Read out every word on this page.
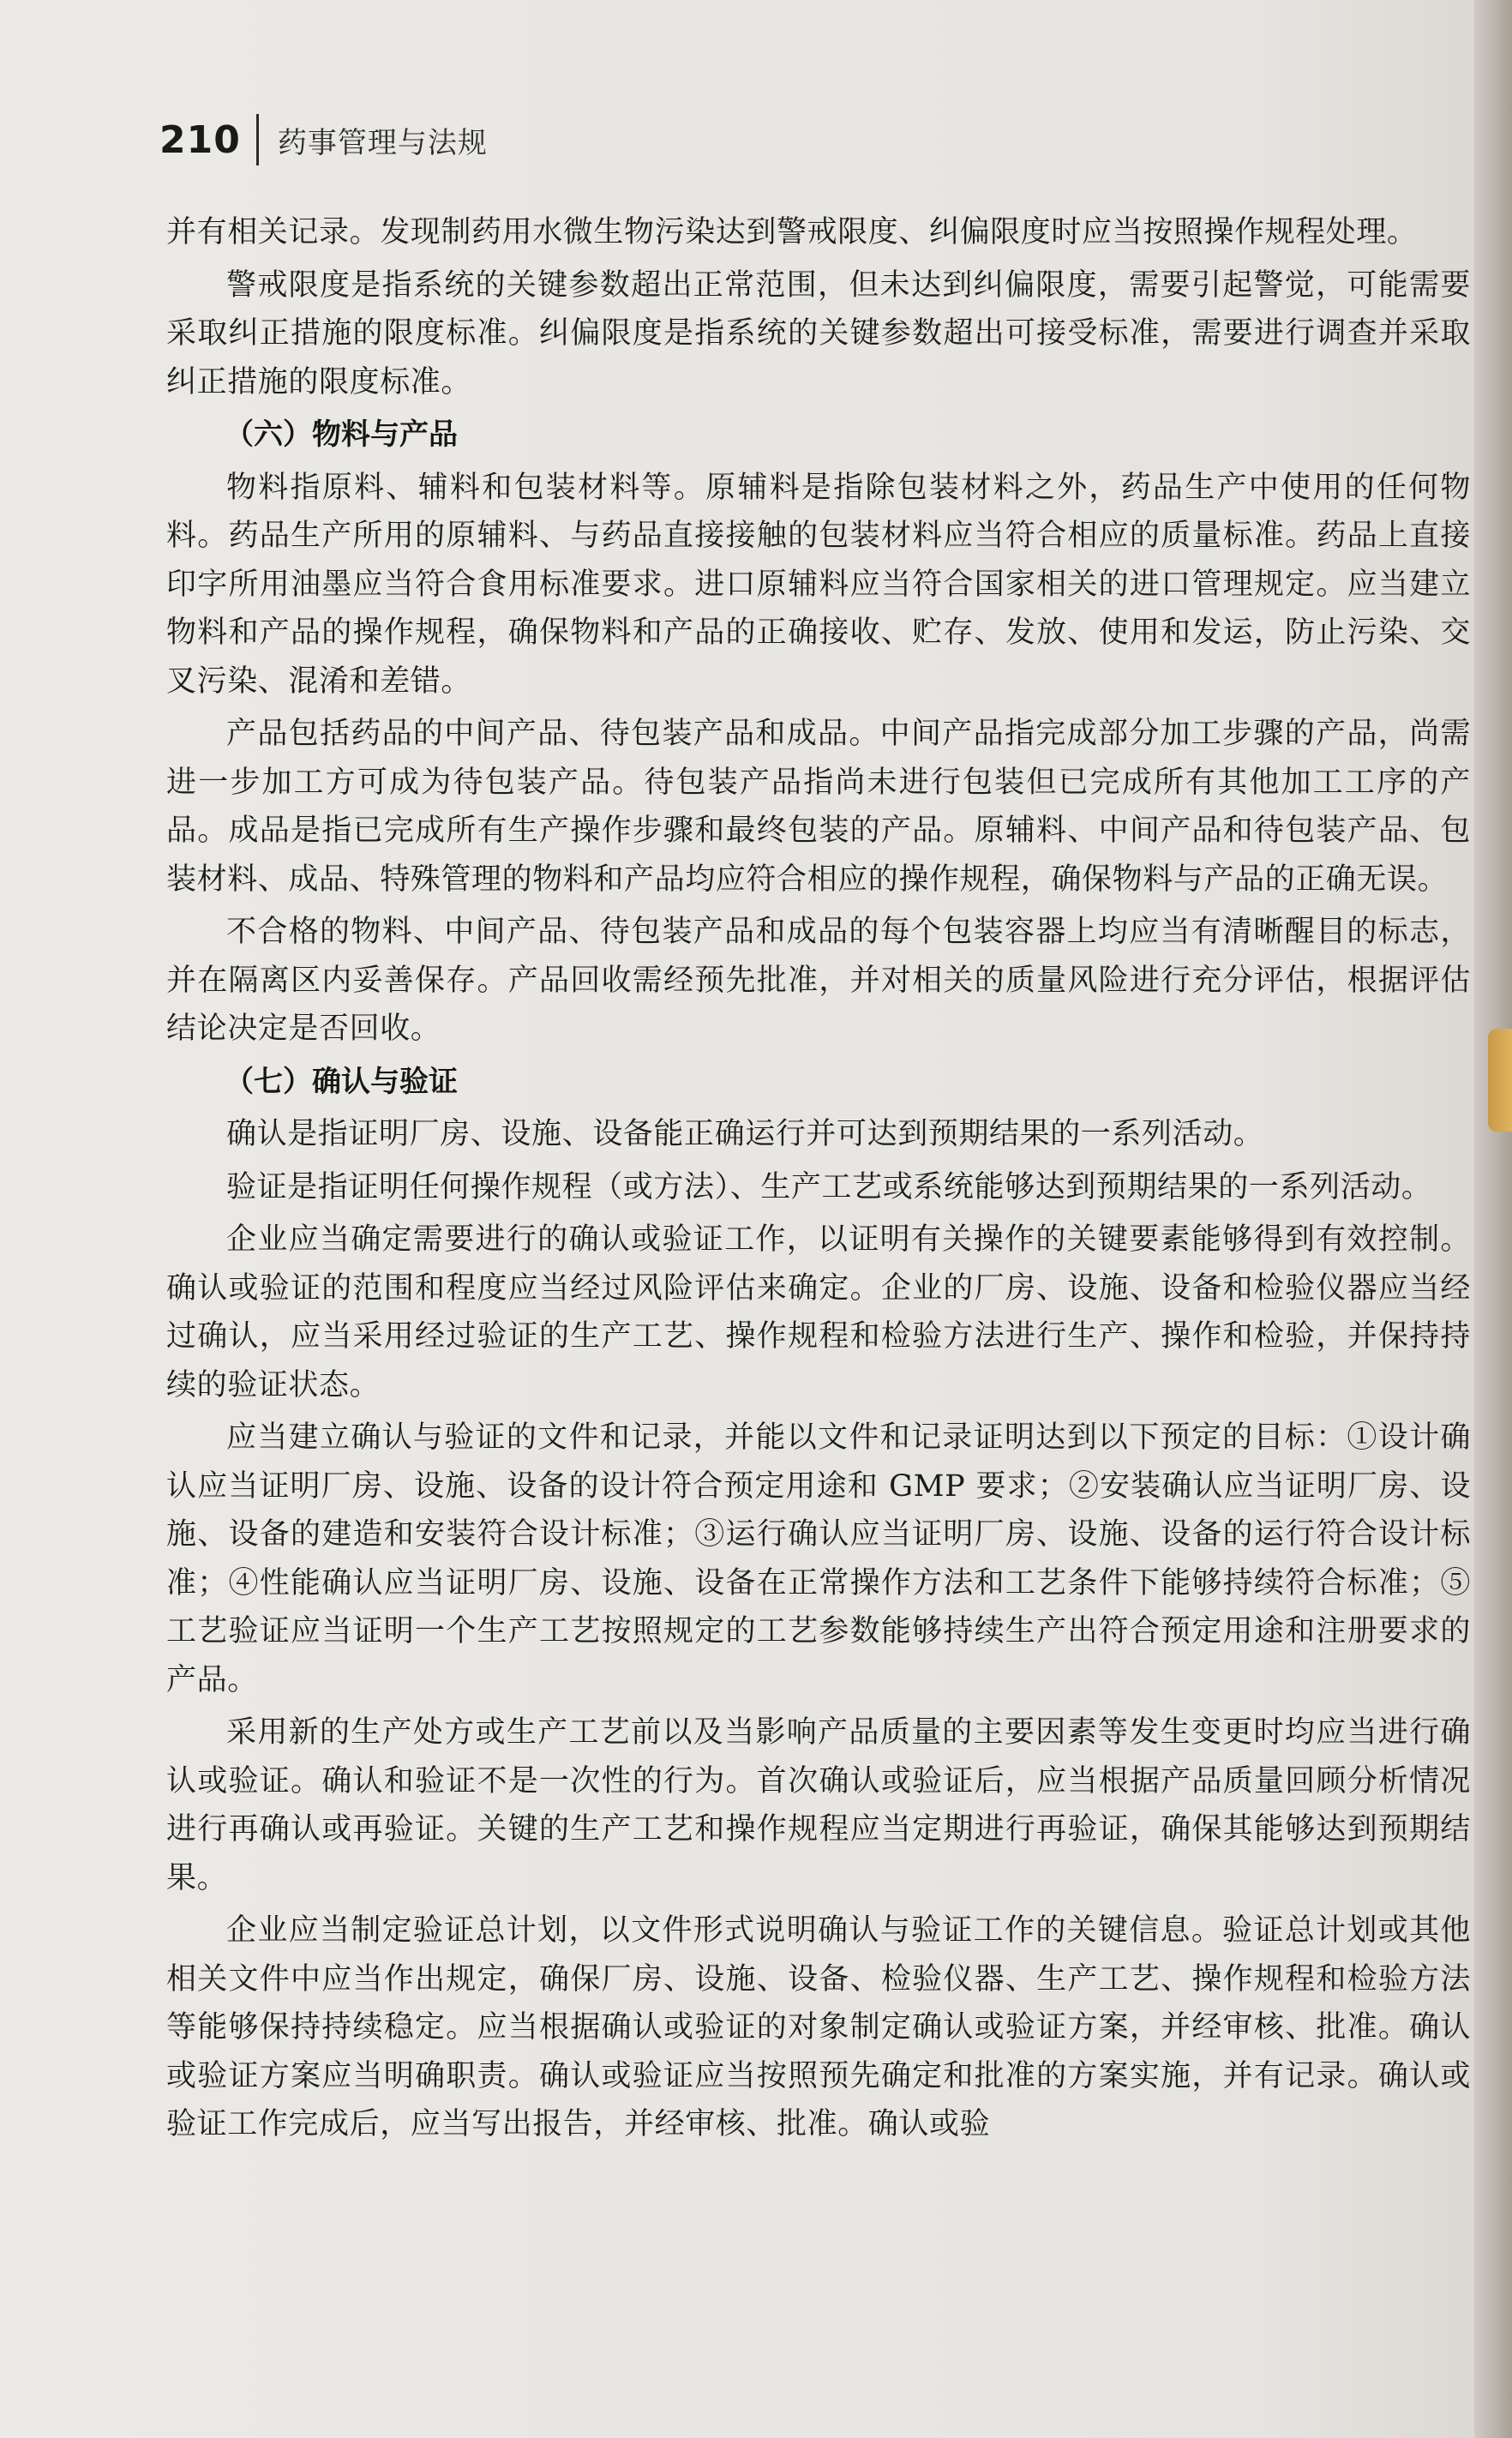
210 药事管理与法规

并有相关记录。发现制药用水微生物污染达到警戒限度、纠偏限度时应当按照操作规程处理。

警戒限度是指系统的关键参数超出正常范围，但未达到纠偏限度，需要引起警觉，可能需要采取纠正措施的限度标准。纠偏限度是指系统的关键参数超出可接受标准，需要进行调查并采取纠正措施的限度标准。

（六）物料与产品

物料指原料、辅料和包装材料等。原辅料是指除包装材料之外，药品生产中使用的任何物料。药品生产所用的原辅料、与药品直接接触的包装材料应当符合相应的质量标准。药品上直接印字所用油墨应当符合食用标准要求。进口原辅料应当符合国家相关的进口管理规定。应当建立物料和产品的操作规程，确保物料和产品的正确接收、贮存、发放、使用和发运，防止污染、交叉污染、混淆和差错。

产品包括药品的中间产品、待包装产品和成品。中间产品指完成部分加工步骤的产品，尚需进一步加工方可成为待包装产品。待包装产品指尚未进行包装但已完成所有其他加工工序的产品。成品是指已完成所有生产操作步骤和最终包装的产品。原辅料、中间产品和待包装产品、包装材料、成品、特殊管理的物料和产品均应符合相应的操作规程，确保物料与产品的正确无误。

不合格的物料、中间产品、待包装产品和成品的每个包装容器上均应当有清晰醒目的标志，并在隔离区内妥善保存。产品回收需经预先批准，并对相关的质量风险进行充分评估，根据评估结论决定是否回收。

（七）确认与验证

确认是指证明厂房、设施、设备能正确运行并可达到预期结果的一系列活动。

验证是指证明任何操作规程（或方法）、生产工艺或系统能够达到预期结果的一系列活动。

企业应当确定需要进行的确认或验证工作，以证明有关操作的关键要素能够得到有效控制。确认或验证的范围和程度应当经过风险评估来确定。企业的厂房、设施、设备和检验仪器应当经过确认，应当采用经过验证的生产工艺、操作规程和检验方法进行生产、操作和检验，并保持持续的验证状态。

应当建立确认与验证的文件和记录，并能以文件和记录证明达到以下预定的目标：①设计确认应当证明厂房、设施、设备的设计符合预定用途和 GMP 要求；②安装确认应当证明厂房、设施、设备的建造和安装符合设计标准；③运行确认应当证明厂房、设施、设备的运行符合设计标准；④性能确认应当证明厂房、设施、设备在正常操作方法和工艺条件下能够持续符合标准；⑤工艺验证应当证明一个生产工艺按照规定的工艺参数能够持续生产出符合预定用途和注册要求的产品。

采用新的生产处方或生产工艺前以及当影响产品质量的主要因素等发生变更时均应当进行确认或验证。确认和验证不是一次性的行为。首次确认或验证后，应当根据产品质量回顾分析情况进行再确认或再验证。关键的生产工艺和操作规程应当定期进行再验证，确保其能够达到预期结果。

企业应当制定验证总计划，以文件形式说明确认与验证工作的关键信息。验证总计划或其他相关文件中应当作出规定，确保厂房、设施、设备、检验仪器、生产工艺、操作规程和检验方法等能够保持持续稳定。应当根据确认或验证的对象制定确认或验证方案，并经审核、批准。确认或验证方案应当明确职责。确认或验证应当按照预先确定和批准的方案实施，并有记录。确认或验证工作完成后，应当写出报告，并经审核、批准。确认或验
